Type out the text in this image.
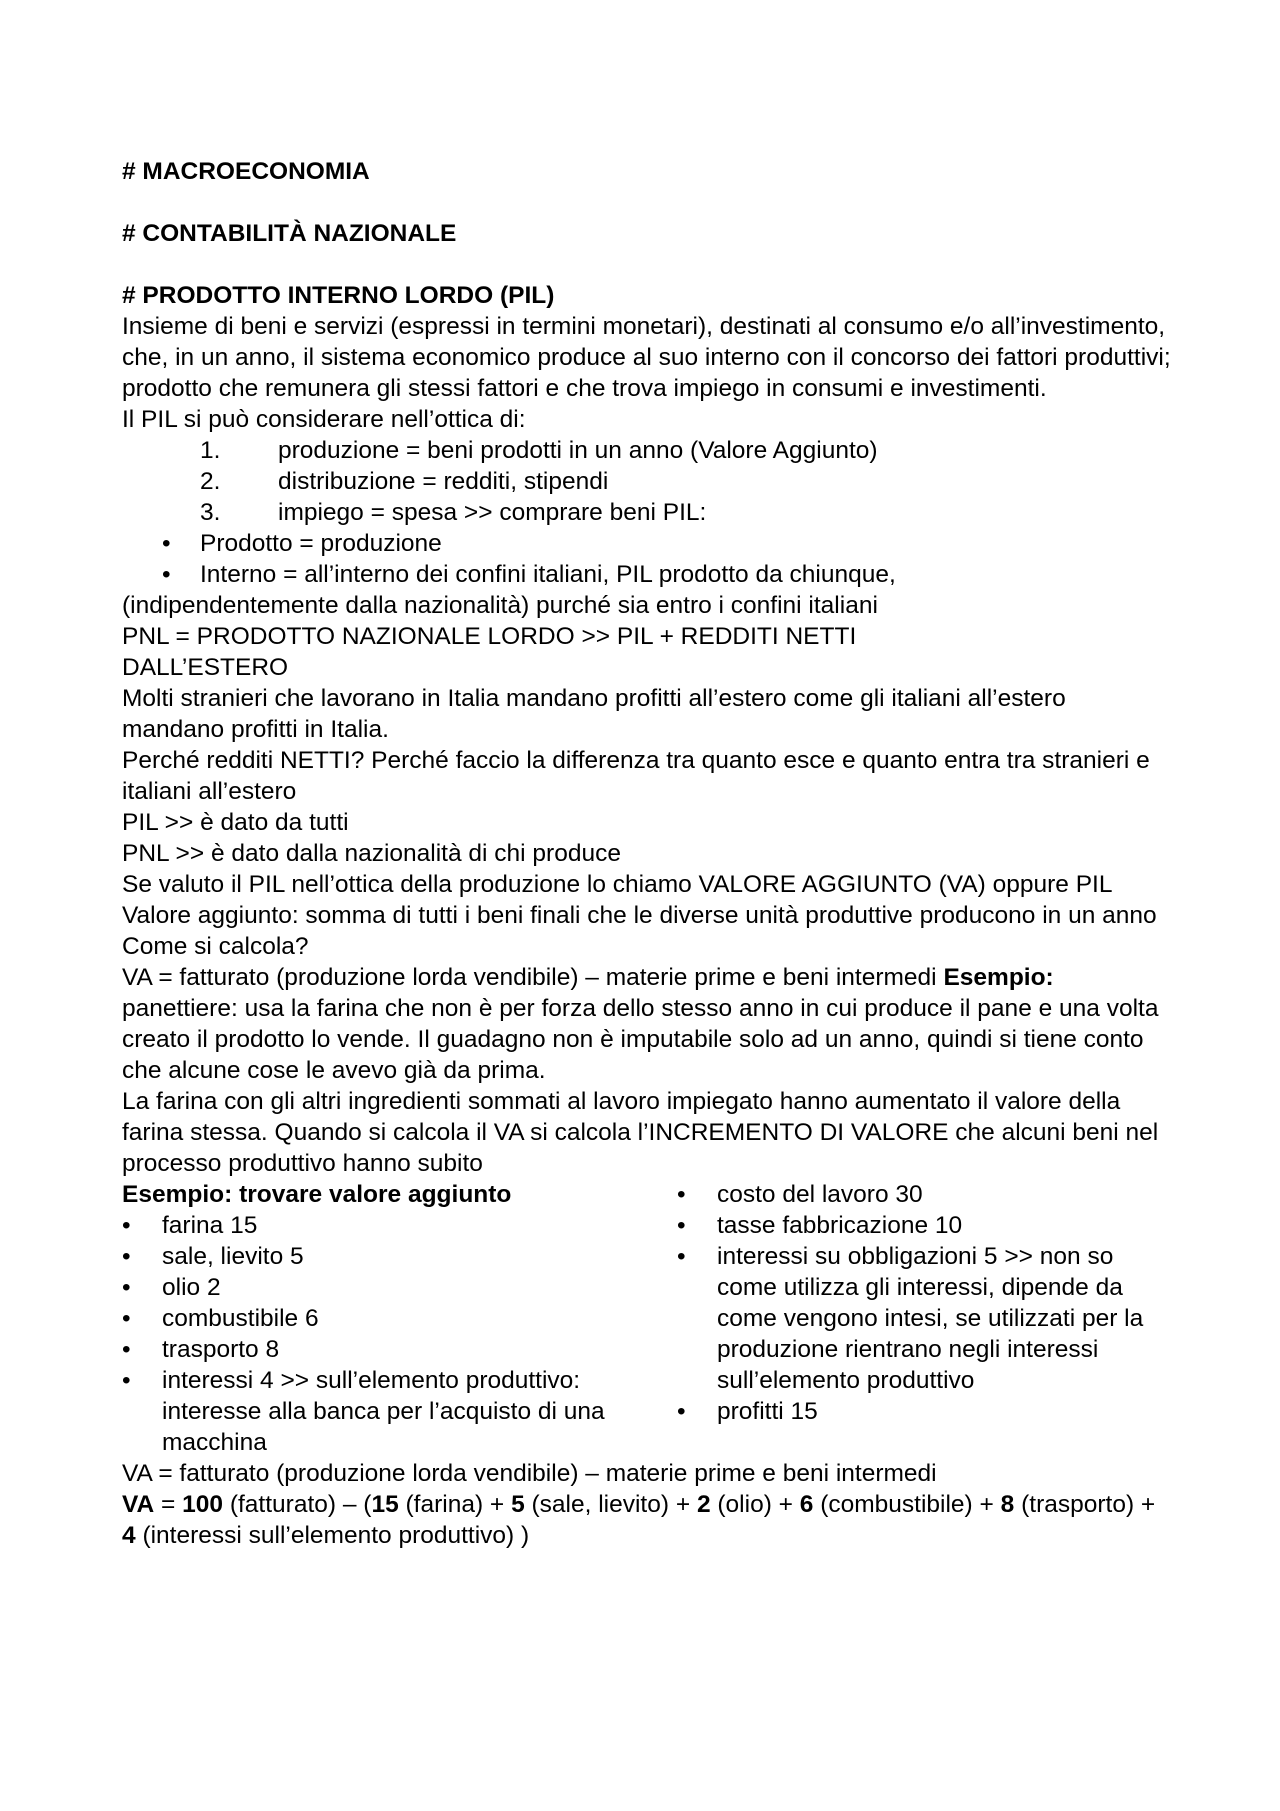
# MACROECONOMIA

# CONTABILITÀ NAZIONALE

# PRODOTTO INTERNO LORDO (PIL)

Insieme di beni e servizi (espressi in termini monetari), destinati al consumo e/o all’investimento, che, in un anno, il sistema economico produce al suo interno con il concorso dei fattori produttivi; prodotto che remunera gli stessi fattori e che trova impiego in consumi e investimenti.

Il PIL si può considerare nell’ottica di:

1.	produzione = beni prodotti in un anno (Valore Aggiunto)
2.	distribuzione = redditi, stipendi
3.	impiego = spesa >> comprare beni PIL:
•	Prodotto = produzione
•	Interno = all’interno dei confini italiani, PIL prodotto da chiunque,

(indipendentemente dalla nazionalità) purché sia entro i confini italiani

PNL = PRODOTTO NAZIONALE LORDO >> PIL + REDDITI NETTI

DALL’ESTERO

Molti stranieri che lavorano in Italia mandano profitti all’estero come gli italiani all’estero mandano profitti in Italia.

Perché redditi NETTI? Perché faccio la differenza tra quanto esce e quanto entra tra stranieri e italiani all’estero

PIL >> è dato da tutti

PNL >> è dato dalla nazionalità di chi produce

Se valuto il PIL nell’ottica della produzione lo chiamo VALORE AGGIUNTO (VA) oppure PIL

Valore aggiunto: somma di tutti i beni finali che le diverse unità produttive producono in un anno

Come si calcola?

VA = fatturato (produzione lorda vendibile) – materie prime e beni intermedi Esempio:

panettiere: usa la farina che non è per forza dello stesso anno in cui produce il pane e una volta creato il prodotto lo vende. Il guadagno non è imputabile solo ad un anno, quindi si tiene conto che alcune cose le avevo già da prima.

La farina con gli altri ingredienti sommati al lavoro impiegato hanno aumentato il valore della farina stessa. Quando si calcola il VA si calcola l’INCREMENTO DI VALORE che alcuni beni nel processo produttivo hanno subito

Esempio: trovare valore aggiunto

•	farina 15
•	sale, lievito 5
•	olio 2
•	combustibile 6
•	trasporto 8
•	interessi 4 >> sull’elemento produttivo: interesse alla banca per l’acquisto di una macchina
•	costo del lavoro 30
•	tasse fabbricazione 10
•	interessi su obbligazioni 5 >> non so come utilizza gli interessi, dipende da come vengono intesi, se utilizzati per la produzione rientrano negli interessi sull’elemento produttivo
•	profitti 15

VA = fatturato (produzione lorda vendibile) – materie prime e beni intermedi

VA = 100 (fatturato) – (15 (farina) + 5 (sale, lievito) + 2 (olio) + 6 (combustibile) + 8 (trasporto) + 4 (interessi sull’elemento produttivo) )
